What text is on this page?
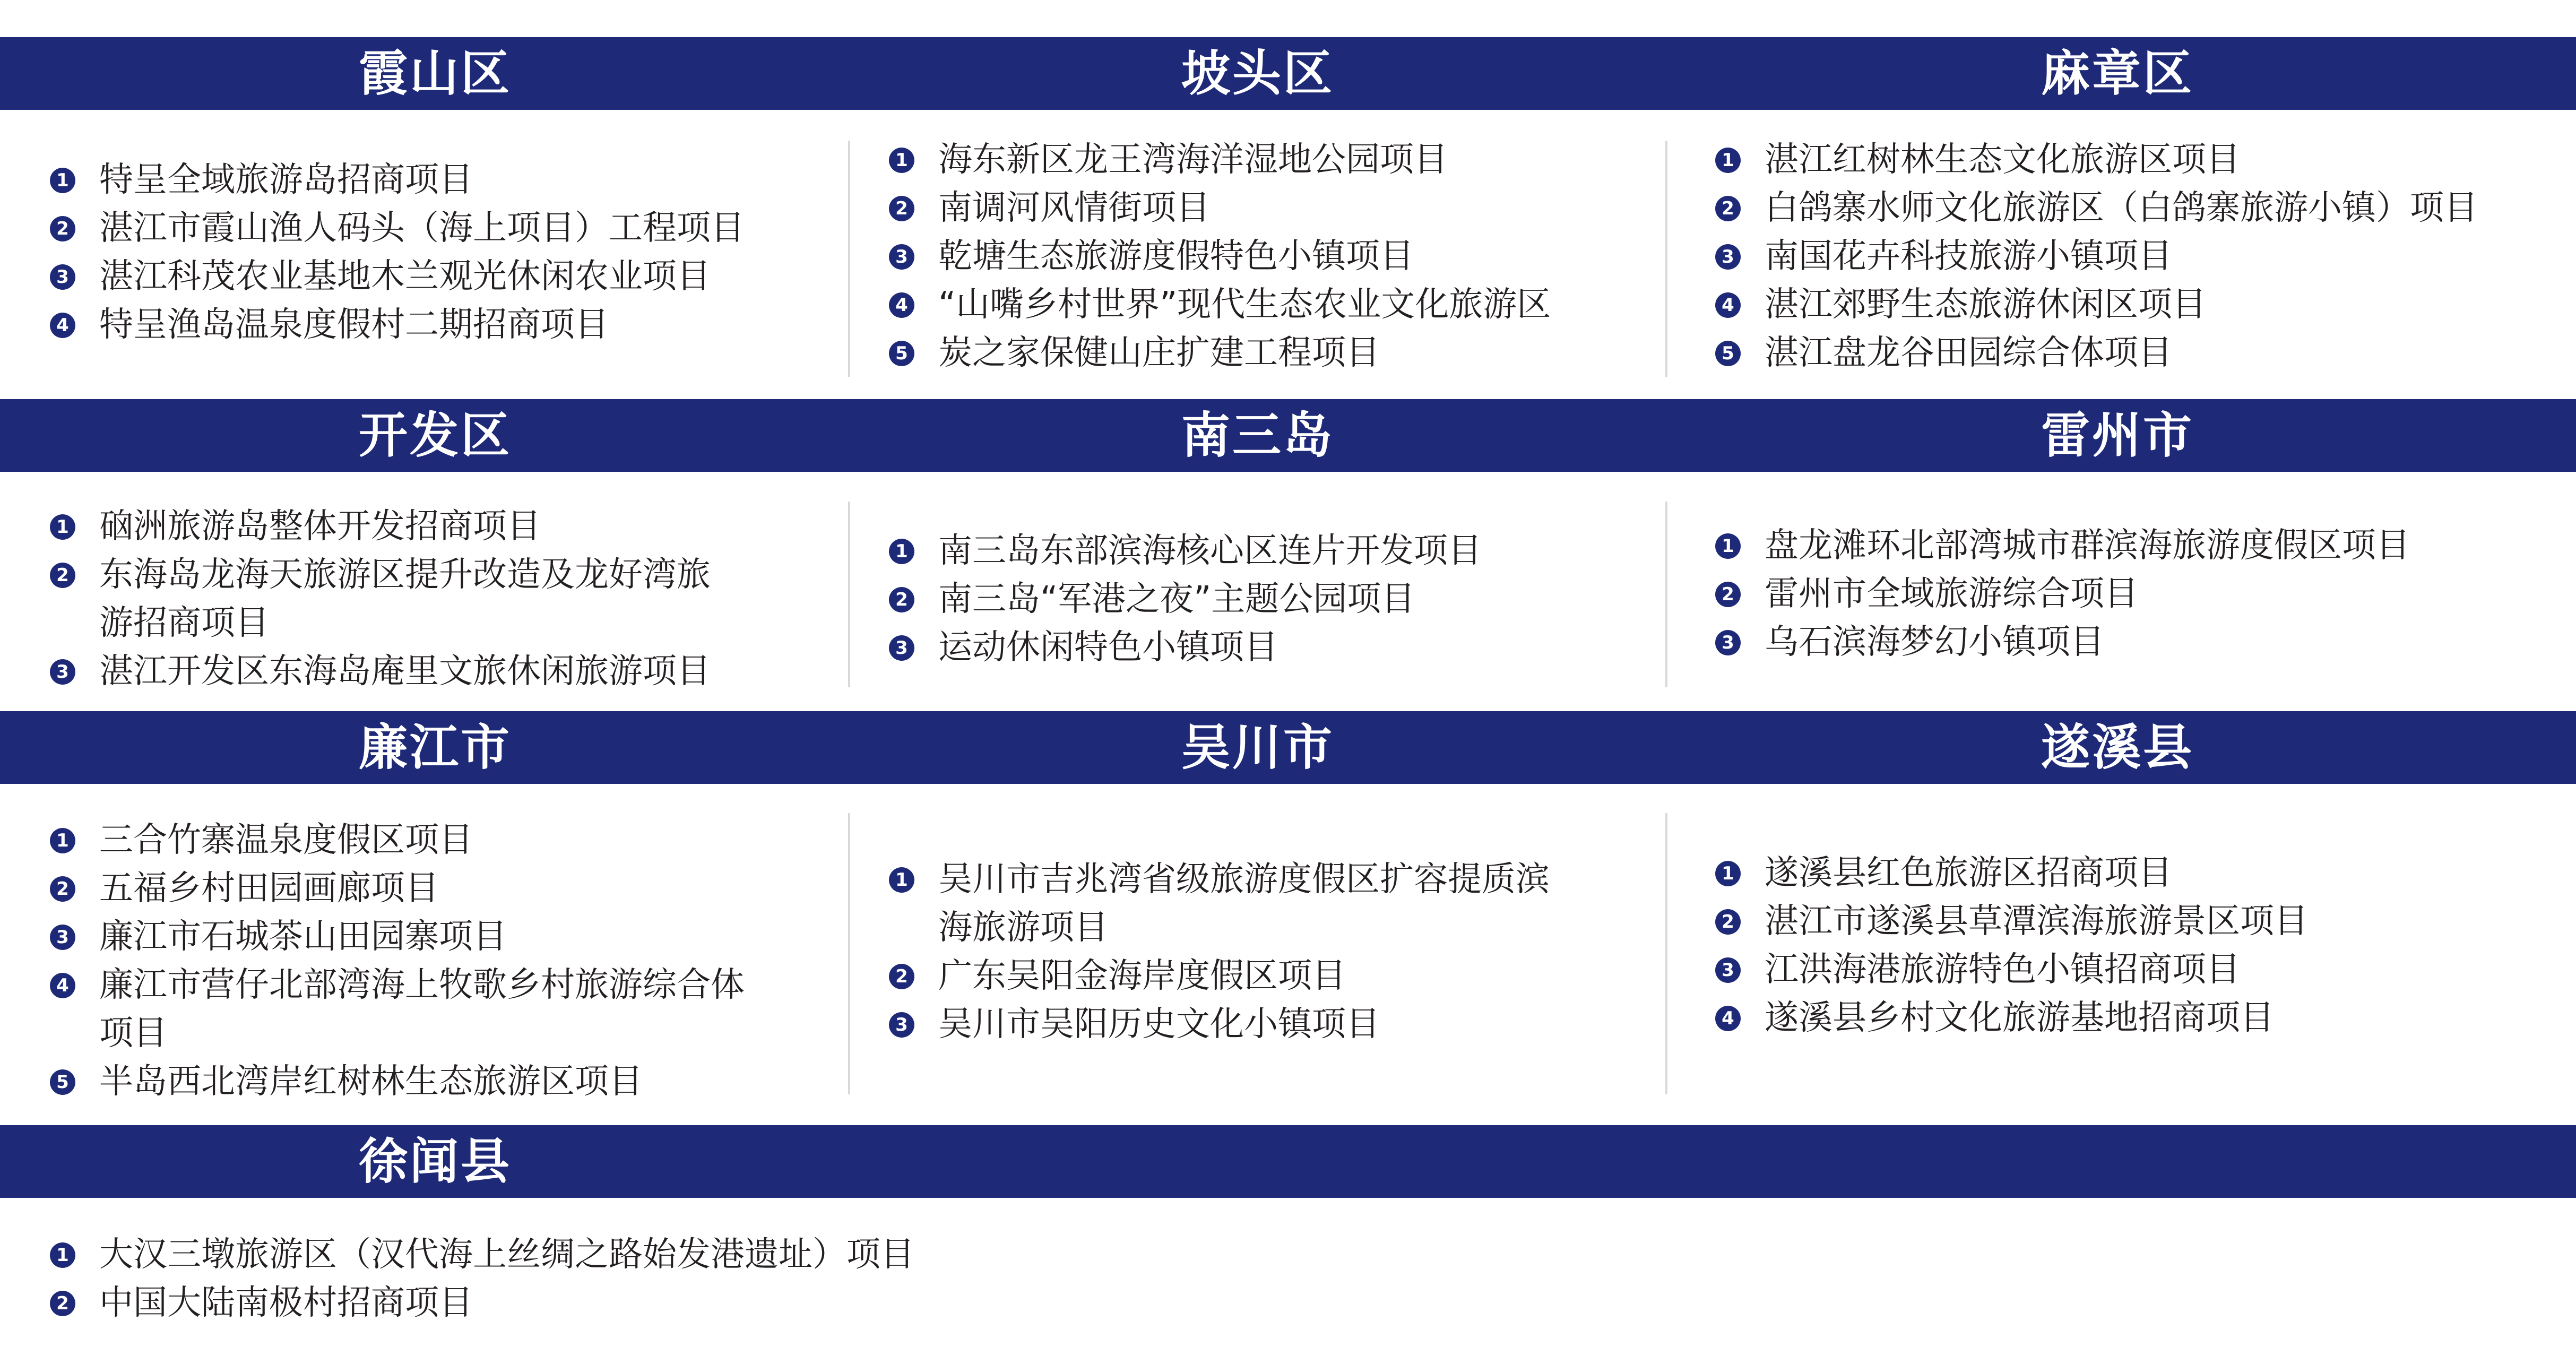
霞山区	坡头区	麻章区
1 特呈全域旅游岛招商项目
2 湛江市霞山渔人码头（海上项目）工程项目
3 湛江科茂农业基地木兰观光休闲农业项目
4 特呈渔岛温泉度假村二期招商项目
1 海东新区龙王湾海洋湿地公园项目
2 南调河风情街项目
3 乾塘生态旅游度假特色小镇项目
4 “山嘴乡村世界”现代生态农业文化旅游区
5 炭之家保健山庄扩建工程项目
1 湛江红树林生态文化旅游区项目
2 白鸽寨水师文化旅游区（白鸽寨旅游小镇）项目
3 南国花卉科技旅游小镇项目
4 湛江郊野生态旅游休闲区项目
5 湛江盘龙谷田园综合体项目
开发区	南三岛	雷州市
1 硇洲旅游岛整体开发招商项目
2 东海岛龙海天旅游区提升改造及龙好湾旅
游招商项目
3 湛江开发区东海岛庵里文旅休闲旅游项目
1 南三岛东部滨海核心区连片开发项目
2 南三岛“军港之夜”主题公园项目
3 运动休闲特色小镇项目
1 盘龙滩环北部湾城市群滨海旅游度假区项目
2 雷州市全域旅游综合项目
3 乌石滨海梦幻小镇项目
廉江市	吴川市	遂溪县
1 三合竹寨温泉度假区项目
2 五福乡村田园画廊项目
3 廉江市石城茶山田园寨项目
4 廉江市营仔北部湾海上牧歌乡村旅游综合体
项目
5 半岛西北湾岸红树林生态旅游区项目
1 吴川市吉兆湾省级旅游度假区扩容提质滨
海旅游项目
2 广东吴阳金海岸度假区项目
3 吴川市吴阳历史文化小镇项目
1 遂溪县红色旅游区招商项目
2 湛江市遂溪县草潭滨海旅游景区项目
3 江洪海港旅游特色小镇招商项目
4 遂溪县乡村文化旅游基地招商项目
徐闻县
1 大汉三墩旅游区（汉代海上丝绸之路始发港遗址）项目
2 中国大陆南极村招商项目
